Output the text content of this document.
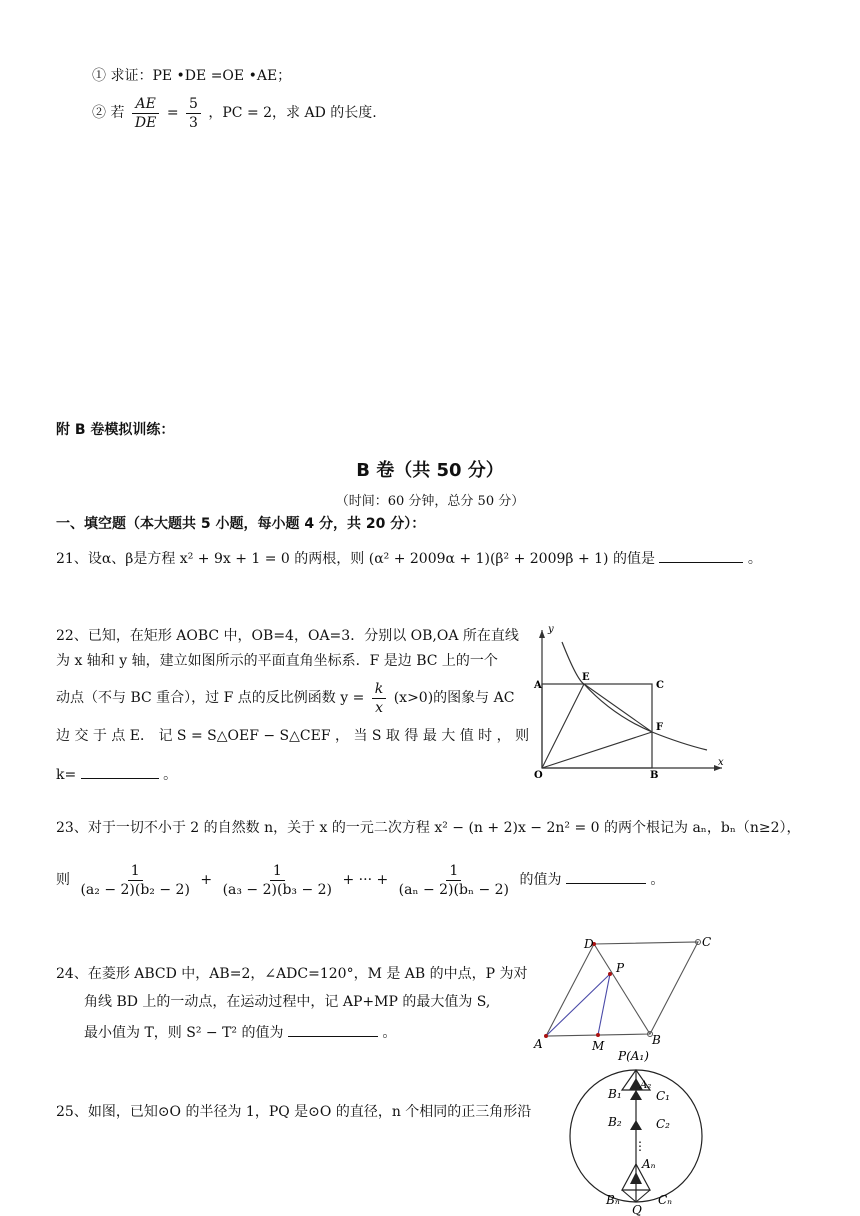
① 求证：PE •DE =OE •AE；
② 若 $\frac{AE}{DE} = \frac{5}{3}$ ，PC = 2，求 AD 的长度.
附 B 卷模拟训练：
B 卷（共 50 分）
（时间：60 分钟，总分 50 分）
一、填空题（本大题共 5 小题，每小题 4 分，共 20 分）：
21、设α、β是方程 x² + 9x + 1 = 0 的两根，则 (α² + 2009α + 1)(β² + 2009β + 1) 的值是	。
22、已知，在矩形 AOBC 中，OB=4，OA=3．分别以 OB,OA 所在直线
为 x 轴和 y 轴，建立如图所示的平面直角坐标系．F 是边 BC 上的一个
动点（不与 BC 重合），过 F 点的反比例函数 $y = \frac{k}{x} (x>0)$的图象与 AC
边 交 于 点 E． 记 S = S△OEF − S△CEF ， 当 S 取 得 最 大 值 时 ， 则
k=	。
y
x
A
E
C
F
O	B
23、对于一切不小于 2 的自然数 n，关于 x 的一元二次方程 x² − (n + 2)x − 2n² = 0 的两个根记为 aₙ，bₙ（n≥2），
则 $\frac{1}{\text{(a₂ − 2)(b₂ − 2)}} + \frac{1}{\text{(a₃ − 2)(b₃ − 2)}}$ + ··· + $\frac{1}{\text{(aₙ − 2)(bₙ − 2)}}$ 的值为	。
24、在菱形 ABCD 中，AB=2，∠ADC=120°，M 是 AB 的中点，P 为对
角线 BD 上的一动点，在运动过程中，记 AP+MP 的最大值为 S,
最小值为 T，则 S² − T² 的值为	。
D	C
P
A	M	B
25、如图，已知⊙O 的半径为 1，PQ 是⊙O 的直径，n 个相同的正三角形沿
P(A₁)
A₂
B₁	C₁
B₂	C₂
⋮
Aₙ
Bₙ	Cₙ
Q
